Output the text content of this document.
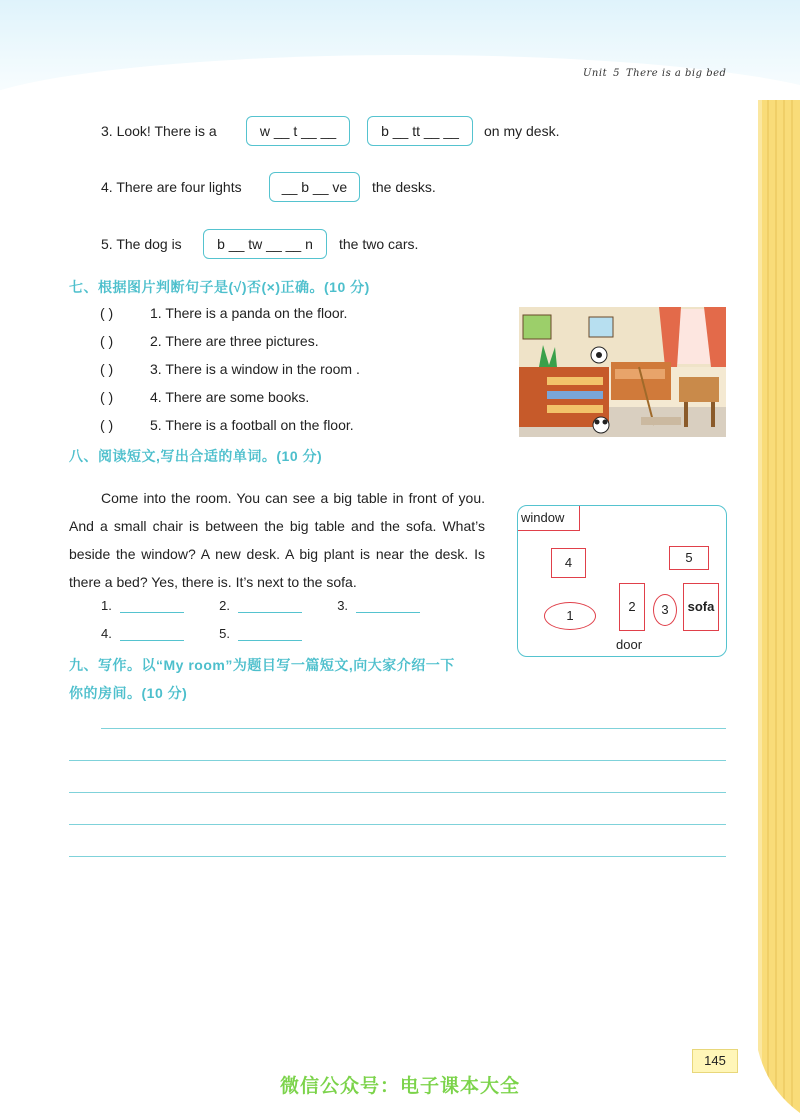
Unit 5 There is a big bed
3. Look! There is a	w __ t __ __	b __ tt __ __	on my desk.
4. There are four lights	__ b __ ve	the desks.
5. The dog is	b __ tw __ __ n	the two cars.
七、根据图片判断句子是(√)否(×)正确。(10 分)
( )	1. There is a panda on the floor.
( )	2. There are three pictures.
( )	3. There is a window in the room .
( )	4. There are some books.
( )	5. There is a football on the floor.
八、阅读短文,写出合适的单词。(10 分)

Come into the room. You can see a big table in front of you. And a small chair is between the big table and the sofa. What’s beside the window? A new desk. A big plant is near the desk. Is there a bed? Yes, there is. It’s next to the sofa.

1.	2.	3.
4.	5.
window
4	5
1
2	3	sofa
door
九、写作。以“My room”为题目写一篇短文,向大家介绍一下
你的房间。(10 分)
145
微信公众号：电子课本大全
